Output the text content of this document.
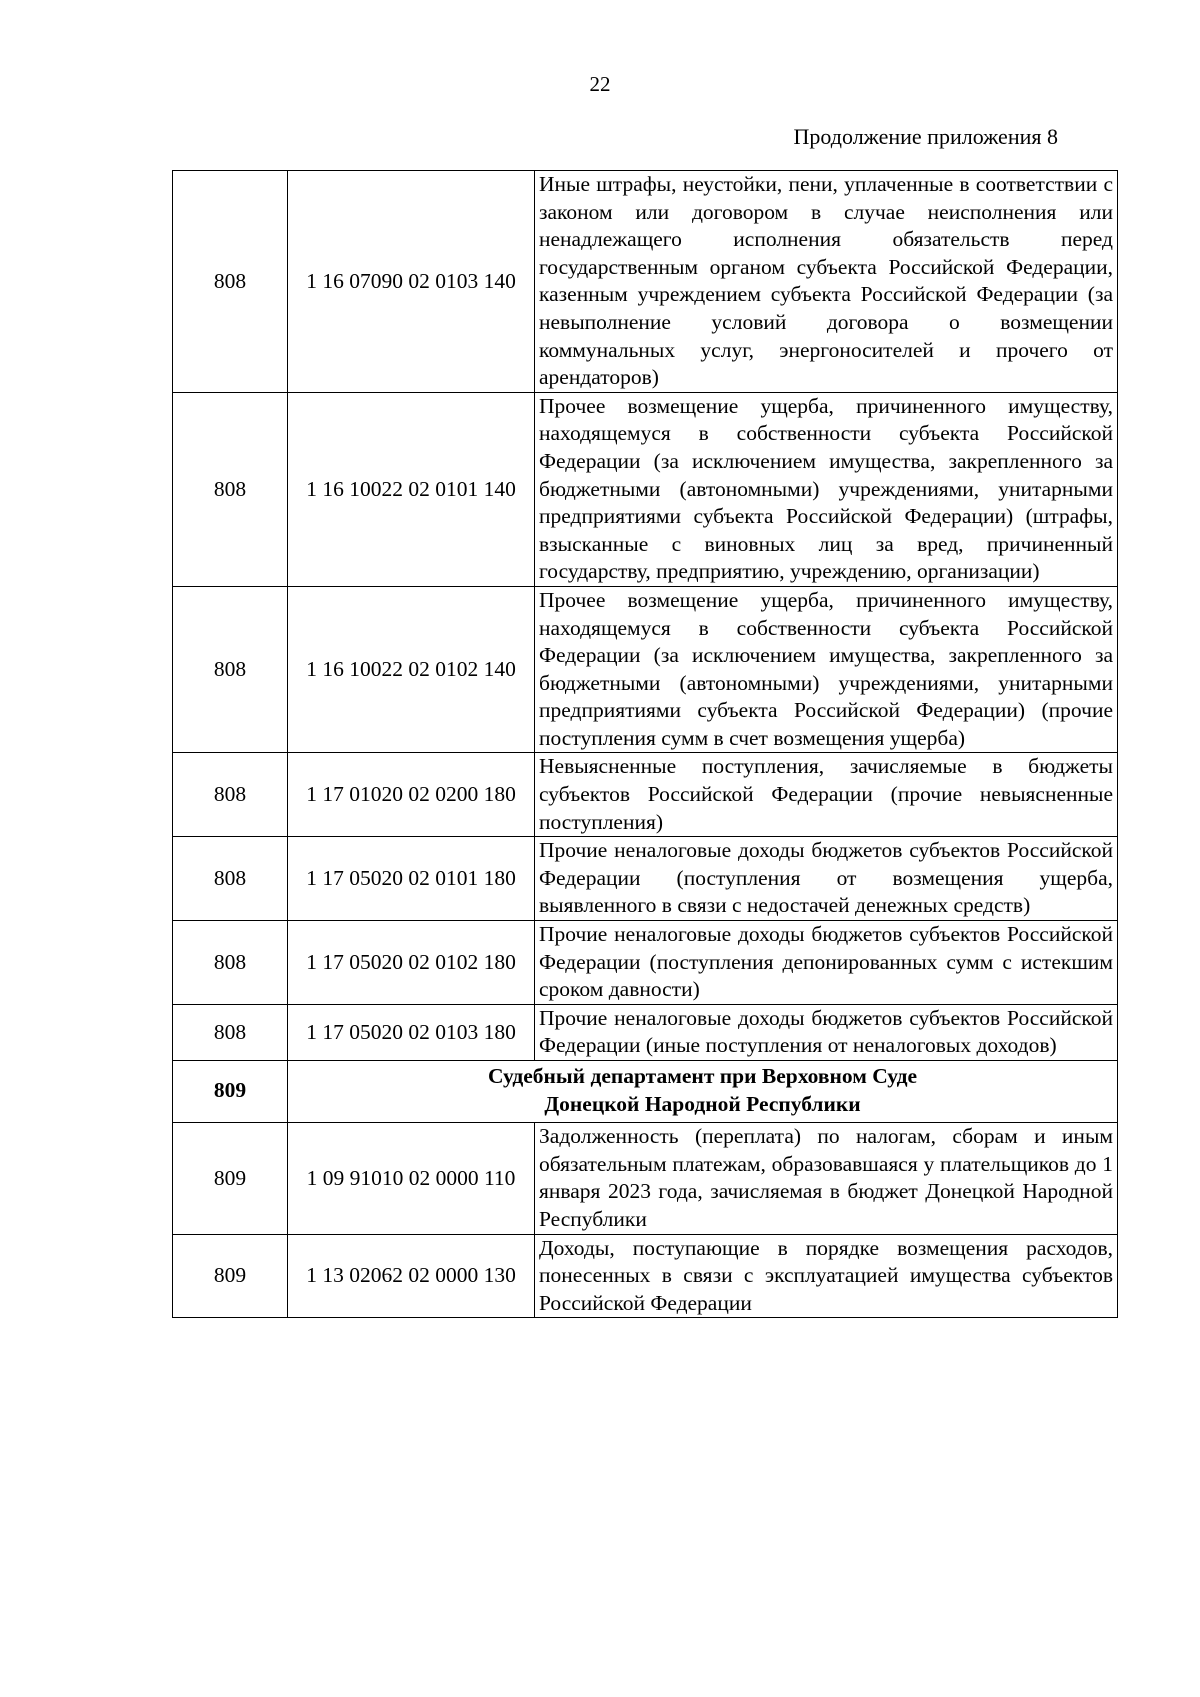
22
Продолжение приложения 8
808	1 16 07090 02 0103 140	Иные штрафы, неустойки, пени, уплаченные в соответствии с законом или договором в случае неисполнения или ненадлежащего исполнения обязательств перед государственным органом субъекта Российской Федерации, казенным учреждением субъекта Российской Федерации (за невыполнение условий договора о возмещении коммунальных услуг, энергоносителей и прочего от арендаторов)
808	1 16 10022 02 0101 140	Прочее возмещение ущерба, причиненного имуществу, находящемуся в собственности субъекта Российской Федерации (за исключением имущества, закрепленного за бюджетными (автономными) учреждениями, унитарными предприятиями субъекта Российской Федерации) (штрафы, взысканные с виновных лиц за вред, причиненный государству, предприятию, учреждению, организации)
808	1 16 10022 02 0102 140	Прочее возмещение ущерба, причиненного имуществу, находящемуся в собственности субъекта Российской Федерации (за исключением имущества, закрепленного за бюджетными (автономными) учреждениями, унитарными предприятиями субъекта Российской Федерации) (прочие поступления сумм в счет возмещения ущерба)
808	1 17 01020 02 0200 180	Невыясненные поступления, зачисляемые в бюджеты субъектов Российской Федерации (прочие невыясненные поступления)
808	1 17 05020 02 0101 180	Прочие неналоговые доходы бюджетов субъектов Российской Федерации (поступления от возмещения ущерба, выявленного в связи с недостачей денежных средств)
808	1 17 05020 02 0102 180	Прочие неналоговые доходы бюджетов субъектов Российской Федерации (поступления депонированных сумм с истекшим сроком давности)
808	1 17 05020 02 0103 180	Прочие неналоговые доходы бюджетов субъектов Российской Федерации (иные поступления от неналоговых доходов)
809	Судебный департамент при Верховном Суде
Донецкой Народной Республики	
809	1 09 91010 02 0000 110	Задолженность (переплата) по налогам, сборам и иным обязательным платежам, образовавшаяся у плательщиков до 1 января 2023 года, зачисляемая в бюджет Донецкой Народной Республики
809	1 13 02062 02 0000 130	Доходы, поступающие в порядке возмещения расходов, понесенных в связи с эксплуатацией имущества субъектов Российской Федерации
